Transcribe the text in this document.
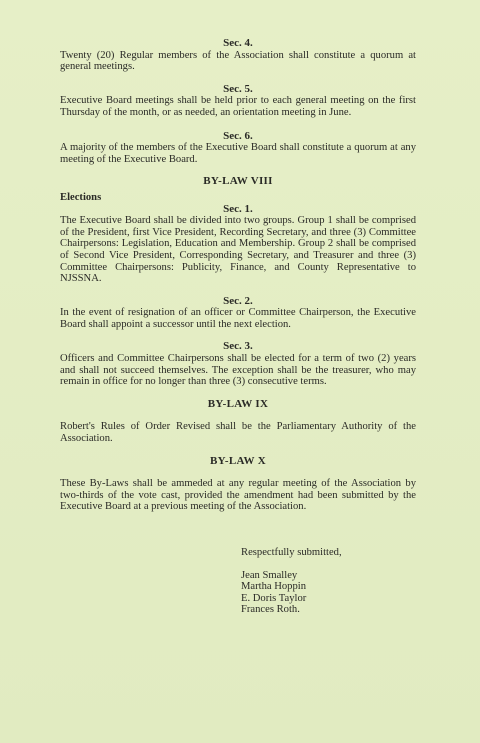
Sec. 4.

Twenty (20) Regular members of the Association shall constitute a quorum at general meetings.

Sec. 5.

Executive Board meetings shall be held prior to each general meeting on the first Thursday of the month, or as needed, an orientation meeting in June.

Sec. 6.

A majority of the members of the Executive Board shall constitute a quorum at any meeting of the Executive Board.

BY-LAW VIII

Elections

Sec. 1.

The Executive Board shall be divided into two groups. Group 1 shall be comprised of the President, first Vice President, Recording Secretary, and three (3) Committee Chairpersons: Legislation, Education and Membership. Group 2 shall be comprised of Second Vice President, Corresponding Secretary, and Treasurer and three (3) Committee Chairpersons: Publicity, Finance, and County Representative to NJSSNA.

Sec. 2.

In the event of resignation of an officer or Committee Chairperson, the Executive Board shall appoint a successor until the next election.

Sec. 3.

Officers and Committee Chairpersons shall be elected for a term of two (2) years and shall not succeed themselves. The exception shall be the treasurer, who may remain in office for no longer than three (3) consecutive terms.

BY-LAW IX

Robert's Rules of Order Revised shall be the Parliamentary Authority of the Association.

BY-LAW X

These By-Laws shall be ammeded at any regular meeting of the Association by two-thirds of the vote cast, provided the amendment had been submitted by the Executive Board at a previous meeting of the Association.

Respectfully submitted,

Jean Smalley

Martha Hoppin

E. Doris Taylor

Frances Roth.
